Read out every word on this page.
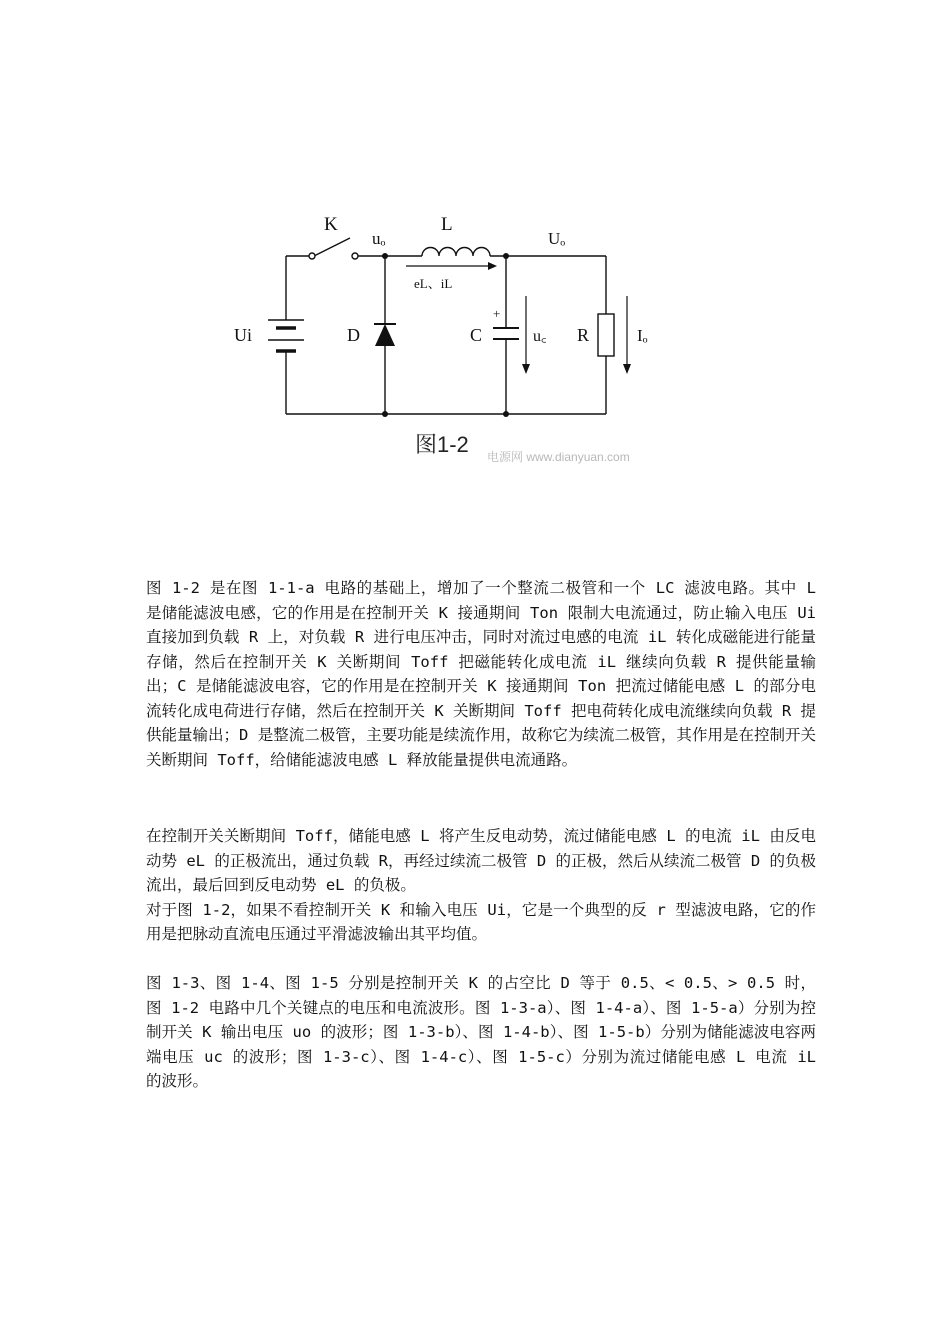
K
uₒ
L
Uₒ
eL、iL
Ui	D
+
C	u꜀ R	Iₒ
图1-2 电源网 www.dianyuan.com

图 1-2 是在图 1-1-a 电路的基础上，增加了一个整流二极管和一个 LC 滤波电路。其中 L 是储能滤波电感，它的作用是在控制开关 K 接通期间 Ton 限制大电流通过，防止输入电压 Ui 直接加到负载 R 上，对负载 R 进行电压冲击，同时对流过电感的电流 iL 转化成磁能进行能量存储，然后在控制开关 K 关断期间 Toff 把磁能转化成电流 iL 继续向负载 R 提供能量输出；C 是储能滤波电容，它的作用是在控制开关 K 接通期间 Ton 把流过储能电感 L 的部分电流转化成电荷进行存储，然后在控制开关 K 关断期间 Toff 把电荷转化成电流继续向负载 R 提供能量输出；D 是整流二极管，主要功能是续流作用，故称它为续流二极管，其作用是在控制开关关断期间 Toff，给储能滤波电感 L 释放能量提供电流通路。

在控制开关关断期间 Toff，储能电感 L 将产生反电动势，流过储能电感 L 的电流 iL 由反电动势 eL 的正极流出，通过负载 R，再经过续流二极管 D 的正极，然后从续流二极管 D 的负极流出，最后回到反电动势 eL 的负极。

对于图 1-2，如果不看控制开关 K 和输入电压 Ui，它是一个典型的反 r 型滤波电路，它的作用是把脉动直流电压通过平滑滤波输出其平均值。

图 1-3、图 1-4、图 1-5 分别是控制开关 K 的占空比 D 等于 0.5、< 0.5、> 0.5 时，图 1-2 电路中几个关键点的电压和电流波形。图 1-3-a）、图 1-4-a）、图 1-5-a）分别为控制开关 K 输出电压 uo 的波形；图 1-3-b）、图 1-4-b）、图 1-5-b）分别为储能滤波电容两端电压 uc 的波形；图 1-3-c）、图 1-4-c）、图 1-5-c）分别为流过储能电感 L 电流 iL 的波形。
